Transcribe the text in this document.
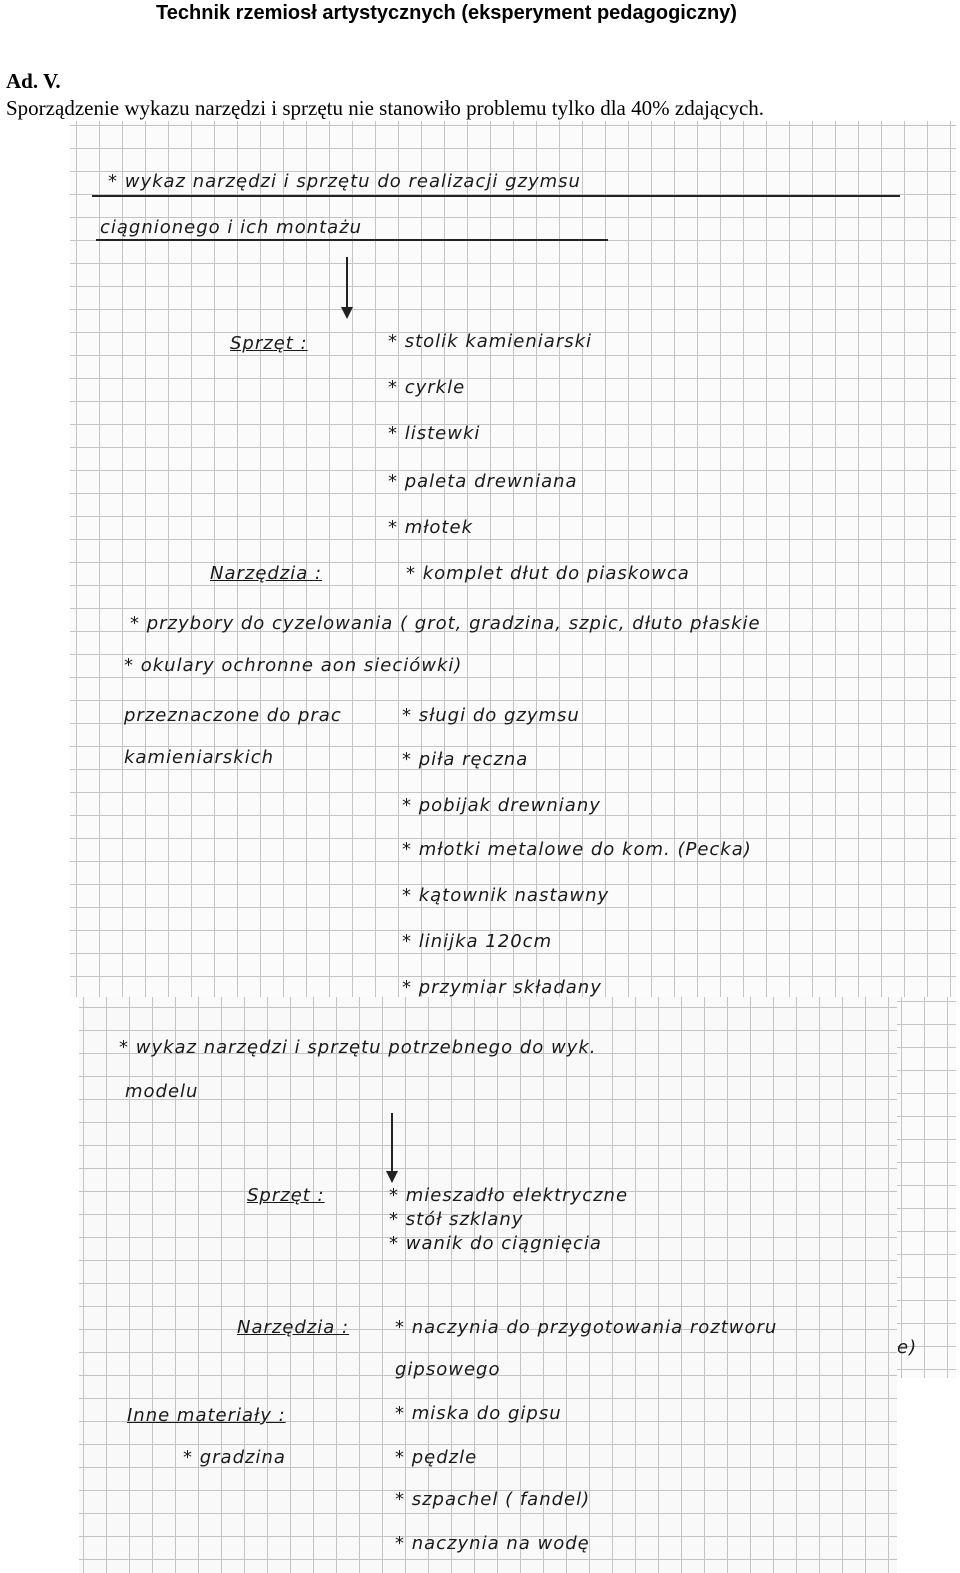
Technik rzemiosł artystycznych (eksperyment pedagogiczny)
Ad. V.
Sporządzenie wykazu narzędzi i sprzętu nie stanowiło problemu tylko dla 40% zdających.
* wykaz narzędzi i sprzętu do realizacji gzymsu
ciągnionego i ich montażu
Sprzęt :	* stolik kamieniarski
* cyrkle
* listewki
* paleta drewniana
* młotek
Narzędzia :	* komplet dłut do piaskowca
* przybory do cyzelowania ( grot, gradzina, szpic, dłuto płaskie
* okulary ochronne aon sieciówki)
przeznaczone do prac
kamieniarskich
* sługi do gzymsu
* piła ręczna
* pobijak drewniany
* młotki metalowe do kom. (Pecka)
* kątownik nastawny
* linijka 120cm
* przymiar składany
e)
* wykaz narzędzi i sprzętu potrzebnego do wyk.
modelu
Sprzęt :	* mieszadło elektryczne
* stół szklany
* wanik do ciągnięcia
Narzędzia :	* naczynia do przygotowania roztworu
gipsowego
Inne materiały :
* gradzina
* miska do gipsu
* pędzle
* szpachel ( fandel)
* naczynia na wodę
